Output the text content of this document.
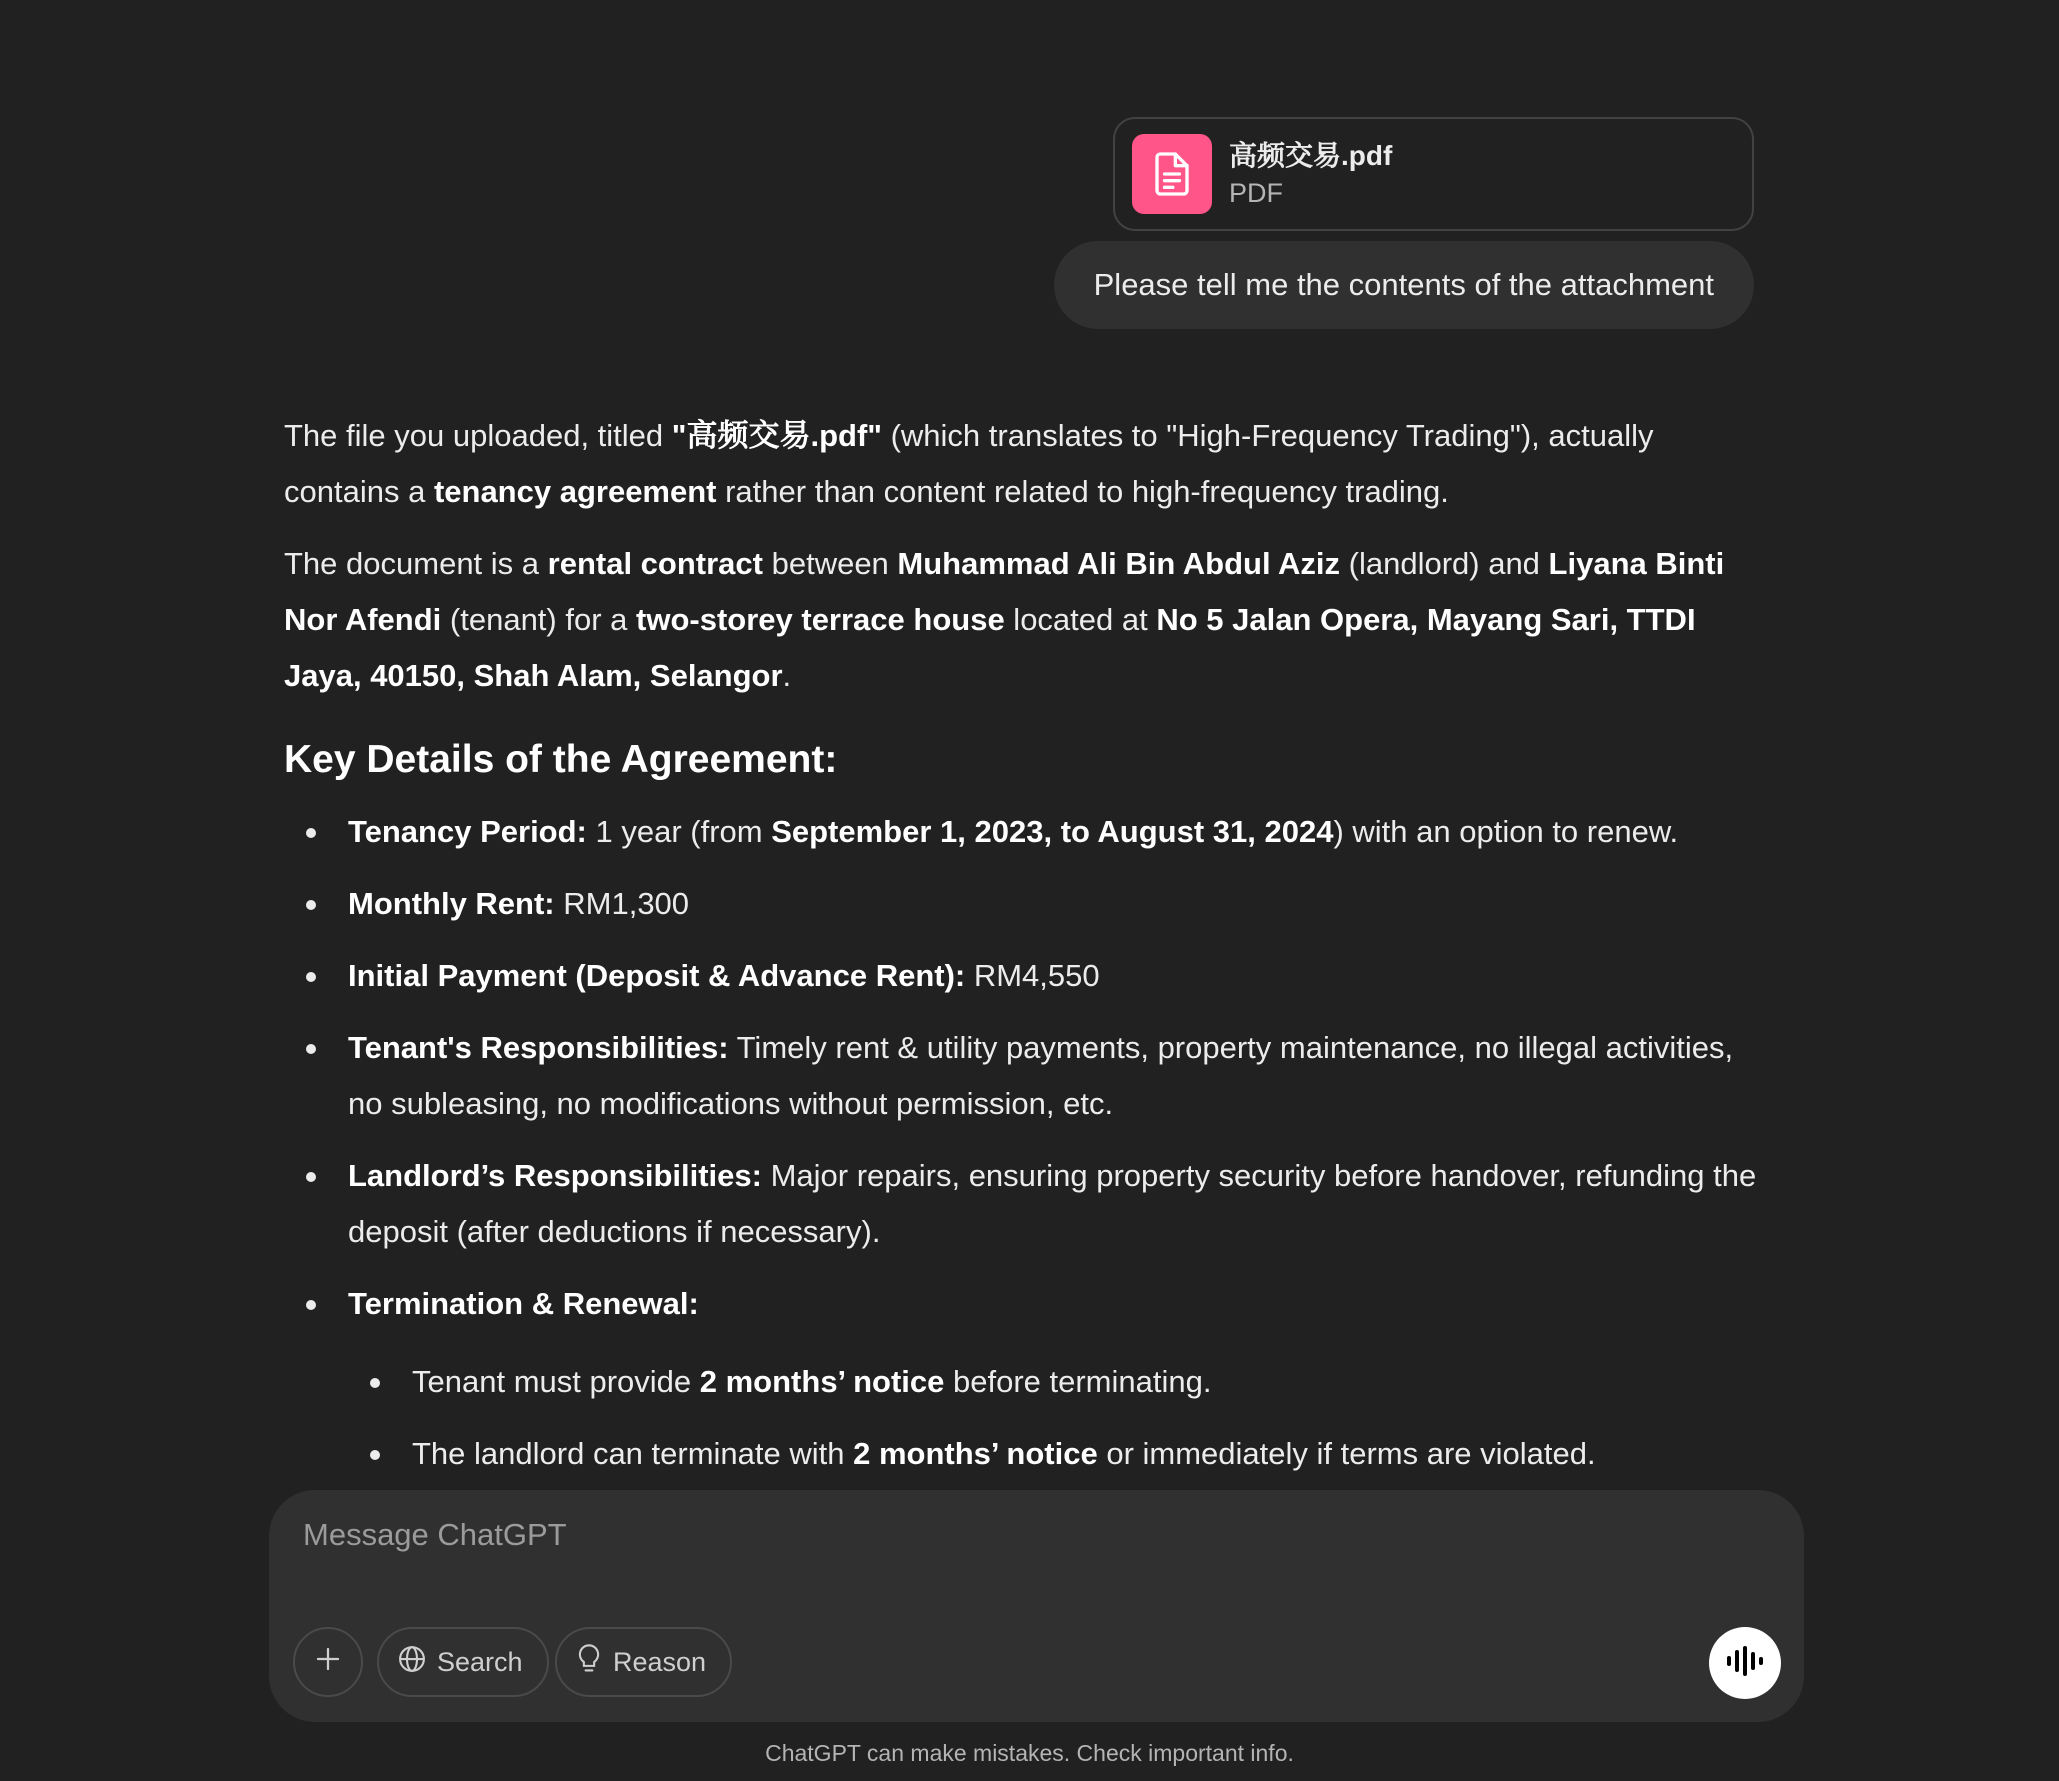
高频交易.pdf
PDF
Please tell me the contents of the attachment

The file you uploaded, titled "高频交易.pdf" (which translates to "High-Frequency Trading"), actually contains a tenancy agreement rather than content related to high-frequency trading.

The document is a rental contract between Muhammad Ali Bin Abdul Aziz (landlord) and Liyana Binti Nor Afendi (tenant) for a two-storey terrace house located at No 5 Jalan Opera, Mayang Sari, TTDI Jaya, 40150, Shah Alam, Selangor.

Key Details of the Agreement:
Tenancy Period: 1 year (from September 1, 2023, to August 31, 2024) with an option to renew.
Monthly Rent: RM1,300
Initial Payment (Deposit & Advance Rent): RM4,550
Tenant's Responsibilities: Timely rent & utility payments, property maintenance, no illegal activities, no subleasing, no modifications without permission, etc.
Landlord’s Responsibilities: Major repairs, ensuring property security before handover, refunding the deposit (after deductions if necessary).
Termination & Renewal:
Tenant must provide 2 months’ notice before terminating.
The landlord can terminate with 2 months’ notice or immediately if terms are violated.
Message ChatGPT
Search	Reason
ChatGPT can make mistakes. Check important info.
